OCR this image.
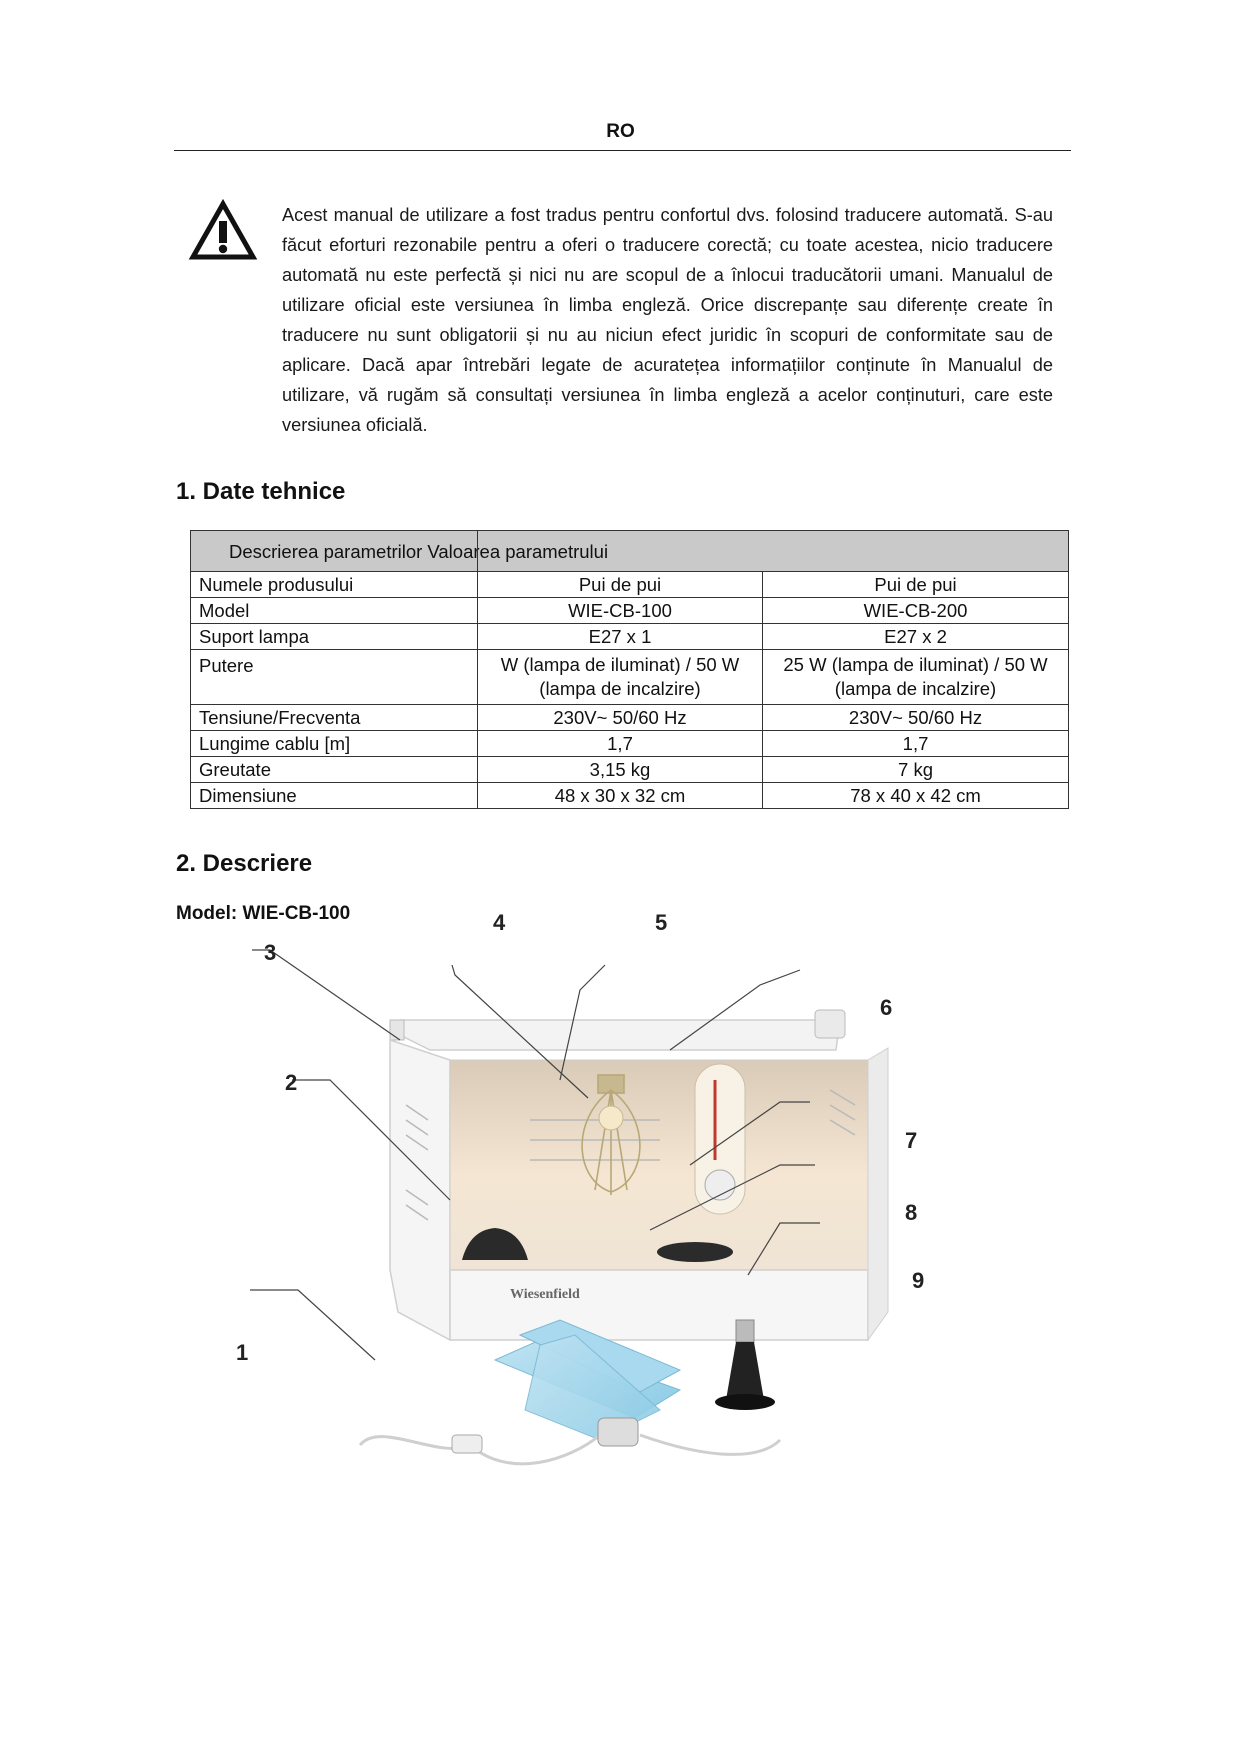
RO
Acest manual de utilizare a fost tradus pentru confortul dvs. folosind traducere automată. S-au făcut eforturi rezonabile pentru a oferi o traducere corectă; cu toate acestea, nicio traducere automată nu este perfectă și nici nu are scopul de a înlocui traducătorii umani. Manualul de utilizare oficial este versiunea în limba engleză. Orice discrepanțe sau diferențe create în traducere nu sunt obligatorii și nu au niciun efect juridic în scopuri de conformitate sau de aplicare. Dacă apar întrebări legate de acuratețea informațiilor conținute în Manualul de utilizare, vă rugăm să consultați versiunea în limba engleză a acelor conținuturi, care este versiunea oficială.
1. Date tehnice
Descrierea parametrilor Valoarea parametrului		

Numele produsului	Pui de pui	Pui de pui
Model	WIE-CB-100	WIE-CB-200
Suport lampa	E27 x 1	E27 x 2
Putere	W (lampa de iluminat) / 50 W (lampa de incalzire)	25 W (lampa de iluminat) / 50 W (lampa de incalzire)
Tensiune/Frecventa	230V~ 50/60 Hz	230V~ 50/60 Hz
Lungime cablu [m]	1,7	1,7
Greutate	3,15 kg	7 kg
Dimensiune	48 x 30 x 32 cm	78 x 40 x 42 cm
2. Descriere
Model: WIE-CB-100
Wiesenfield
1
2
3
4	5
6
7
8
9
